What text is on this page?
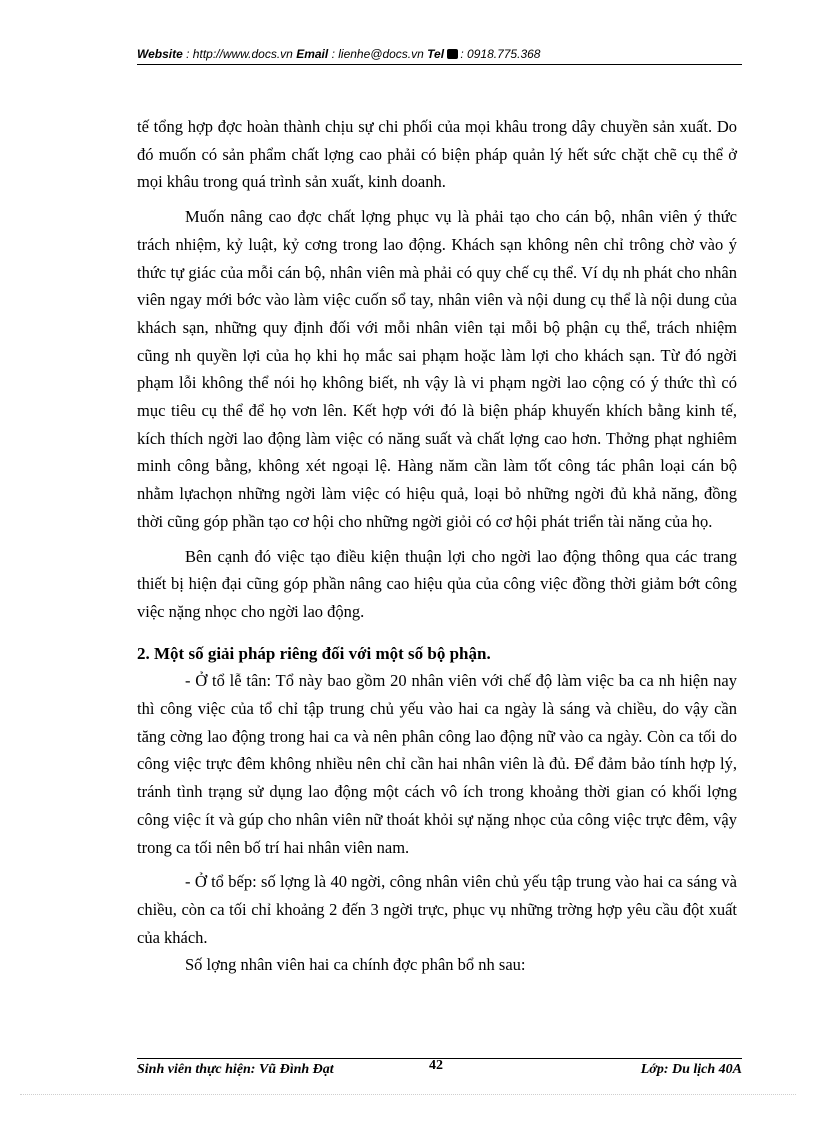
Website : http://www.docs.vn Email : lienhe@docs.vn Tel : 0918.775.368

tế tổng hợp đợc hoàn thành chịu sự chi phối của mọi khâu trong dây chuyền sản xuất. Do đó muốn có sản phẩm chất lợng cao phải có biện pháp quản lý hết sức chặt chẽ cụ thể ở mọi khâu trong quá trình sản xuất, kinh doanh.

Muốn nâng cao đợc chất lợng phục vụ là phải tạo cho cán bộ, nhân viên ý thức trách nhiệm, kỷ luật, kỷ cơng trong lao động. Khách sạn không nên chỉ trông chờ vào ý thức tự giác của mỗi cán bộ, nhân viên mà phải có quy chế cụ thể. Ví dụ nh phát cho nhân viên ngay mới bớc vào làm việc cuốn sổ tay, nhân viên và nội dung cụ thể là nội dung của khách sạn, những quy định đối với mỗi nhân viên tại mỗi bộ phận cụ thể, trách nhiệm cũng nh quyền lợi của họ khi họ mắc sai phạm hoặc làm lợi cho khách sạn. Từ đó ngời phạm lỗi không thể nói họ không biết, nh vậy là vi phạm ngời lao cộng có ý thức thì có mục tiêu cụ thể để họ vơn lên. Kết hợp với đó là biện pháp khuyến khích bằng kinh tế, kích thích ngời lao động làm việc có năng suất và chất lợng cao hơn. Thởng phạt nghiêm minh công bằng, không xét ngoại lệ. Hàng năm cần làm tốt công tác phân loại cán bộ nhằm lựachọn những ngời làm việc có hiệu quả, loại bỏ những ngời đủ khả năng, đồng thời cũng góp phần tạo cơ hội cho những ngời giỏi có cơ hội phát triển tài năng của họ.

Bên cạnh đó việc tạo điều kiện thuận lợi cho ngời lao động thông qua các trang thiết bị hiện đại cũng góp phần nâng cao hiệu qủa của công việc đồng thời giảm bớt công việc nặng nhọc cho ngời lao động.

2. Một số giải pháp riêng đối với một số bộ phận.

- Ở tổ lễ tân: Tổ này bao gồm 20 nhân viên với chế độ làm việc ba ca nh hiện nay thì công việc của tổ chỉ tập trung chủ yếu vào hai ca ngày là sáng và chiều, do vậy cần tăng cờng lao động trong hai ca và nên phân công lao động nữ vào ca ngày. Còn ca tối do công việc trực đêm không nhiều nên chỉ cần hai nhân viên là đủ. Để đảm bảo tính hợp lý, tránh tình trạng sử dụng lao động một cách vô ích trong khoảng thời gian có khối lợng công việc ít và gúp cho nhân viên nữ thoát khỏi sự nặng nhọc của công việc trực đêm, vậy trong ca tối nên bố trí hai nhân viên nam.

- Ở tổ bếp: số lợng là 40 ngời, công nhân viên chủ yếu tập trung vào hai ca sáng và chiều, còn ca tối chỉ khoảng 2 đến 3 ngời trực, phục vụ những trờng hợp yêu cầu đột xuất của khách.

Số lợng nhân viên hai ca chính đợc phân bổ nh sau:

Sinh viên thực hiện: Vũ Đình Đạt	42	Lớp: Du lịch 40A
